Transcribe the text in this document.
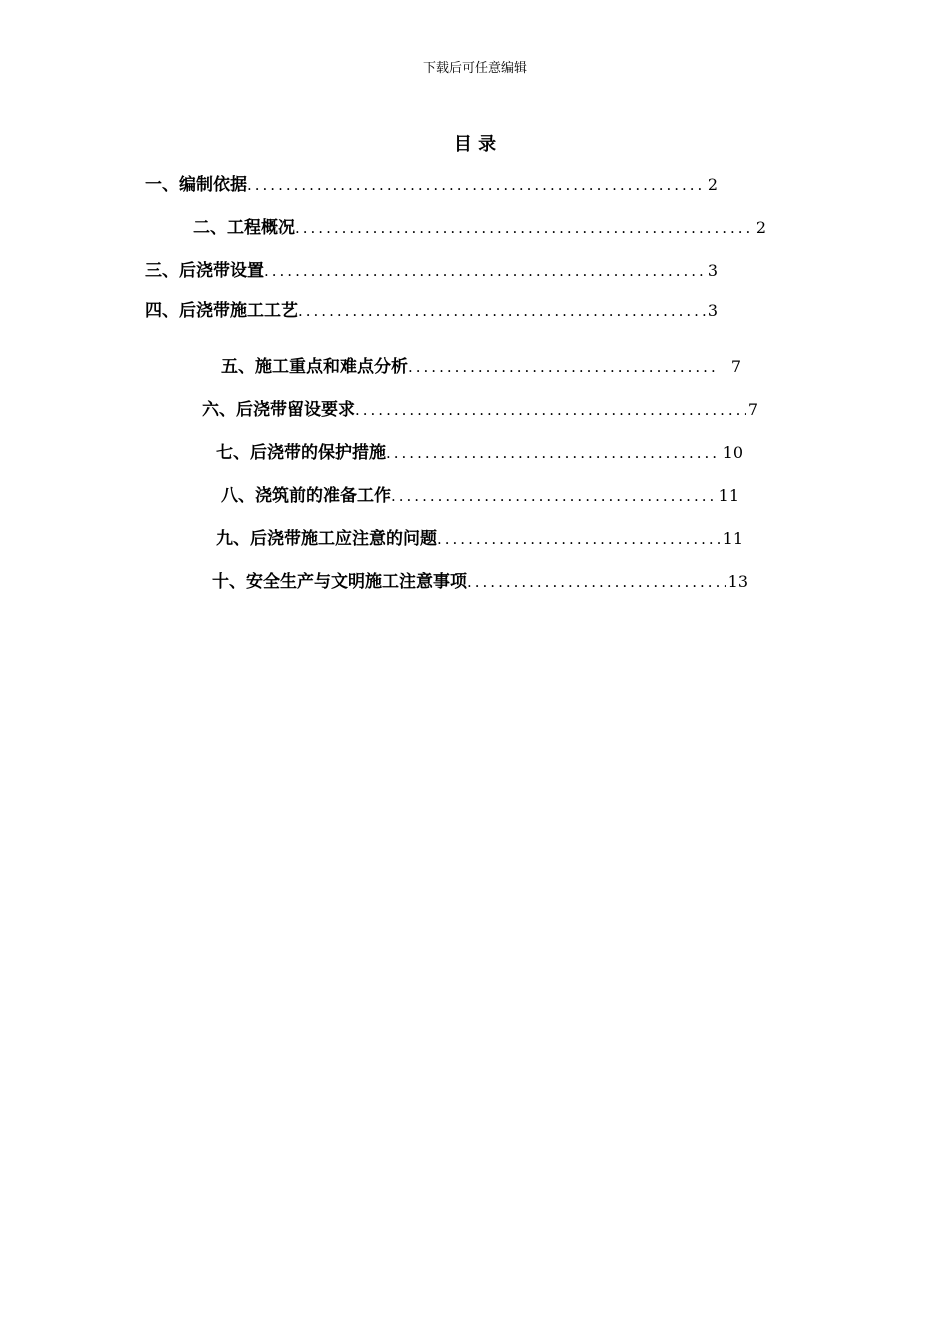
下载后可任意编辑
目 录
一、 编制依据 .....	2
二、 工程概况 .....	2
三、 后浇带设置 .....	3
四、 后浇带施工工艺 .....	3
五、 施工重点和难点分析 .....	7
六、 后浇带留设要求 .....	7
七、 后浇带的保护措施 .....	10
八、 浇筑前的准备工作 .....	11
九、 后浇带施工应注意的问题 .....	11
十、 安全生产与文明施工注意事项 .....	13
